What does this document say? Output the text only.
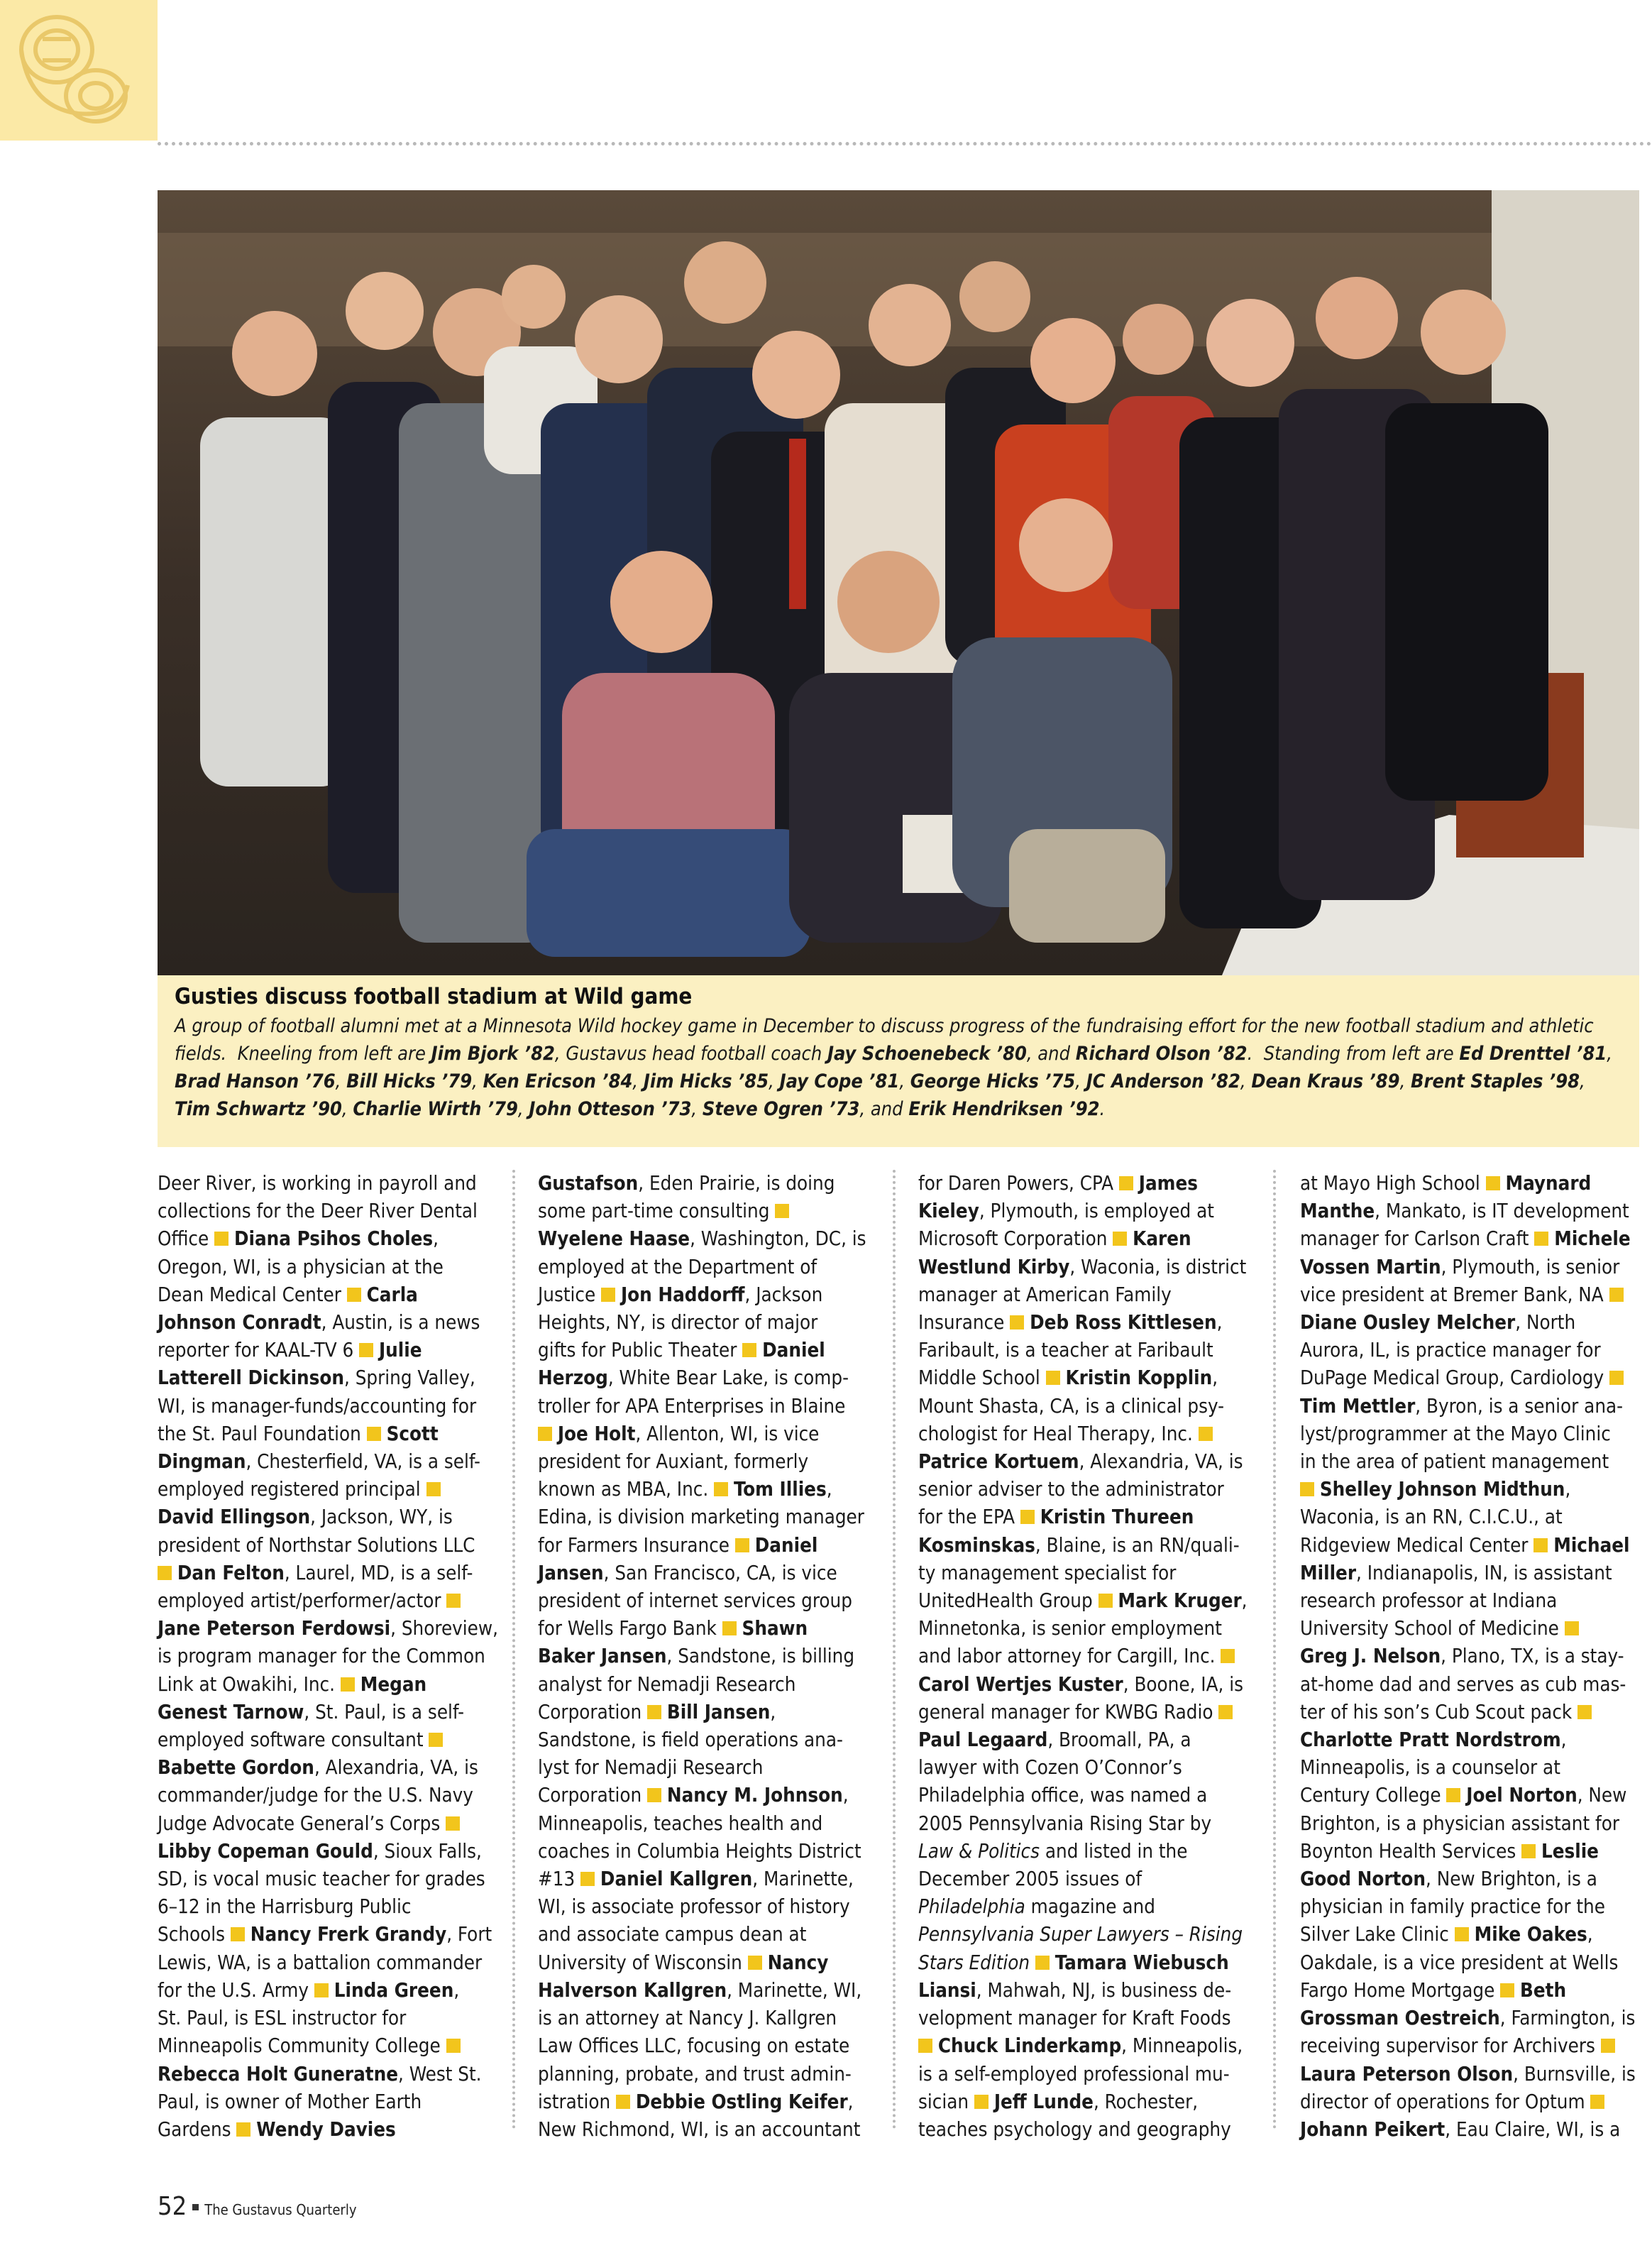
Gusties discuss football stadium at Wild game
A group of football alumni met at a Minnesota Wild hockey game in December to discuss progress of the fundraising effort for the new football stadium and athletic fields.  Kneeling from left are Jim Bjork ’82, Gustavus head football coach Jay Schoenebeck ’80, and Richard Olson ’82.  Standing from left are Ed Drenttel ’81, Brad Hanson ’76, Bill Hicks ’79, Ken Ericson ’84, Jim Hicks ’85, Jay Cope ’81, George Hicks ’75, JC Anderson ’82, Dean Kraus ’89, Brent Staples ’98, Tim Schwartz ’90, Charlie Wirth ’79, John Otteson ’73, Steve Ogren ’73, and Erik Hendriksen ’92.

Deer River, is working in payroll and

collections for the Deer River Dental

Office  Diana Psihos Choles,

Oregon, WI, is a physician at the

Dean Medical Center  Carla

Johnson Conradt, Austin, is a news

reporter for KAAL-TV 6  Julie

Latterell Dickinson, Spring Valley,

WI, is manager-funds/accounting for

the St. Paul Foundation  Scott

Dingman, Chesterfield, VA, is a self-

employed registered principal

David Ellingson, Jackson, WY, is

president of Northstar Solutions LLC

Dan Felton, Laurel, MD, is a self-

employed artist/performer/actor

Jane Peterson Ferdowsi, Shoreview,

is program manager for the Common

Link at Owakihi, Inc.  Megan

Genest Tarnow, St. Paul, is a self-

employed software consultant

Babette Gordon, Alexandria, VA, is

commander/judge for the U.S. Navy

Judge Advocate General’s Corps

Libby Copeman Gould, Sioux Falls,

SD, is vocal music teacher for grades

6–12 in the Harrisburg Public

Schools  Nancy Frerk Grandy, Fort

Lewis, WA, is a battalion commander

for the U.S. Army  Linda Green,

St. Paul, is ESL instructor for

Minneapolis Community College

Rebecca Holt Guneratne, West St.

Paul, is owner of Mother Earth

Gardens  Wendy Davies

Gustafson, Eden Prairie, is doing

some part-time consulting

Wyelene Haase, Washington, DC, is

employed at the Department of

Justice  Jon Haddorff, Jackson

Heights, NY, is director of major

gifts for Public Theater  Daniel

Herzog, White Bear Lake, is comp-

troller for APA Enterprises in Blaine

Joe Holt, Allenton, WI, is vice

president for Auxiant, formerly

known as MBA, Inc.  Tom Illies,

Edina, is division marketing manager

for Farmers Insurance  Daniel

Jansen, San Francisco, CA, is vice

president of internet services group

for Wells Fargo Bank  Shawn

Baker Jansen, Sandstone, is billing

analyst for Nemadji Research

Corporation  Bill Jansen,

Sandstone, is field operations ana-

lyst for Nemadji Research

Corporation  Nancy M. Johnson,

Minneapolis, teaches health and

coaches in Columbia Heights District

#13  Daniel Kallgren, Marinette,

WI, is associate professor of history

and associate campus dean at

University of Wisconsin  Nancy

Halverson Kallgren, Marinette, WI,

is an attorney at Nancy J. Kallgren

Law Offices LLC, focusing on estate

planning, probate, and trust admin-

istration  Debbie Ostling Keifer,

New Richmond, WI, is an accountant

for Daren Powers, CPA  James

Kieley, Plymouth, is employed at

Microsoft Corporation  Karen

Westlund Kirby, Waconia, is district

manager at American Family

Insurance  Deb Ross Kittlesen,

Faribault, is a teacher at Faribault

Middle School  Kristin Kopplin,

Mount Shasta, CA, is a clinical psy-

chologist for Heal Therapy, Inc.

Patrice Kortuem, Alexandria, VA, is

senior adviser to the administrator

for the EPA  Kristin Thureen

Kosminskas, Blaine, is an RN/quali-

ty management specialist for

UnitedHealth Group  Mark Kruger,

Minnetonka, is senior employment

and labor attorney for Cargill, Inc.

Carol Wertjes Kuster, Boone, IA, is

general manager for KWBG Radio

Paul Legaard, Broomall, PA, a

lawyer with Cozen O’Connor’s

Philadelphia office, was named a

2005 Pennsylvania Rising Star by

Law & Politics and listed in the

December 2005 issues of

Philadelphia magazine and

Pennsylvania Super Lawyers – Rising

Stars Edition Tamara Wiebusch

Liansi, Mahwah, NJ, is business de-

velopment manager for Kraft Foods

Chuck Linderkamp, Minneapolis,

is a self-employed professional mu-

sician  Jeff Lunde, Rochester,

teaches psychology and geography

at Mayo High School  Maynard

Manthe, Mankato, is IT development

manager for Carlson Craft  Michele

Vossen Martin, Plymouth, is senior

vice president at Bremer Bank, NA

Diane Ousley Melcher, North

Aurora, IL, is practice manager for

DuPage Medical Group, Cardiology

Tim Mettler, Byron, is a senior ana-

lyst/programmer at the Mayo Clinic

in the area of patient management

Shelley Johnson Midthun,

Waconia, is an RN, C.I.C.U., at

Ridgeview Medical Center  Michael

Miller, Indianapolis, IN, is assistant

research professor at Indiana

University School of Medicine

Greg J. Nelson, Plano, TX, is a stay-

at-home dad and serves as cub mas-

ter of his son’s Cub Scout pack

Charlotte Pratt Nordstrom,

Minneapolis, is a counselor at

Century College  Joel Norton, New

Brighton, is a physician assistant for

Boynton Health Services  Leslie

Good Norton, New Brighton, is a

physician in family practice for the

Silver Lake Clinic  Mike Oakes,

Oakdale, is a vice president at Wells

Fargo Home Mortgage  Beth

Grossman Oestreich, Farmington, is

receiving supervisor for Archivers

Laura Peterson Olson, Burnsville, is

director of operations for Optum

Johann Peikert, Eau Claire, WI, is a

52 The Gustavus Quarterly
